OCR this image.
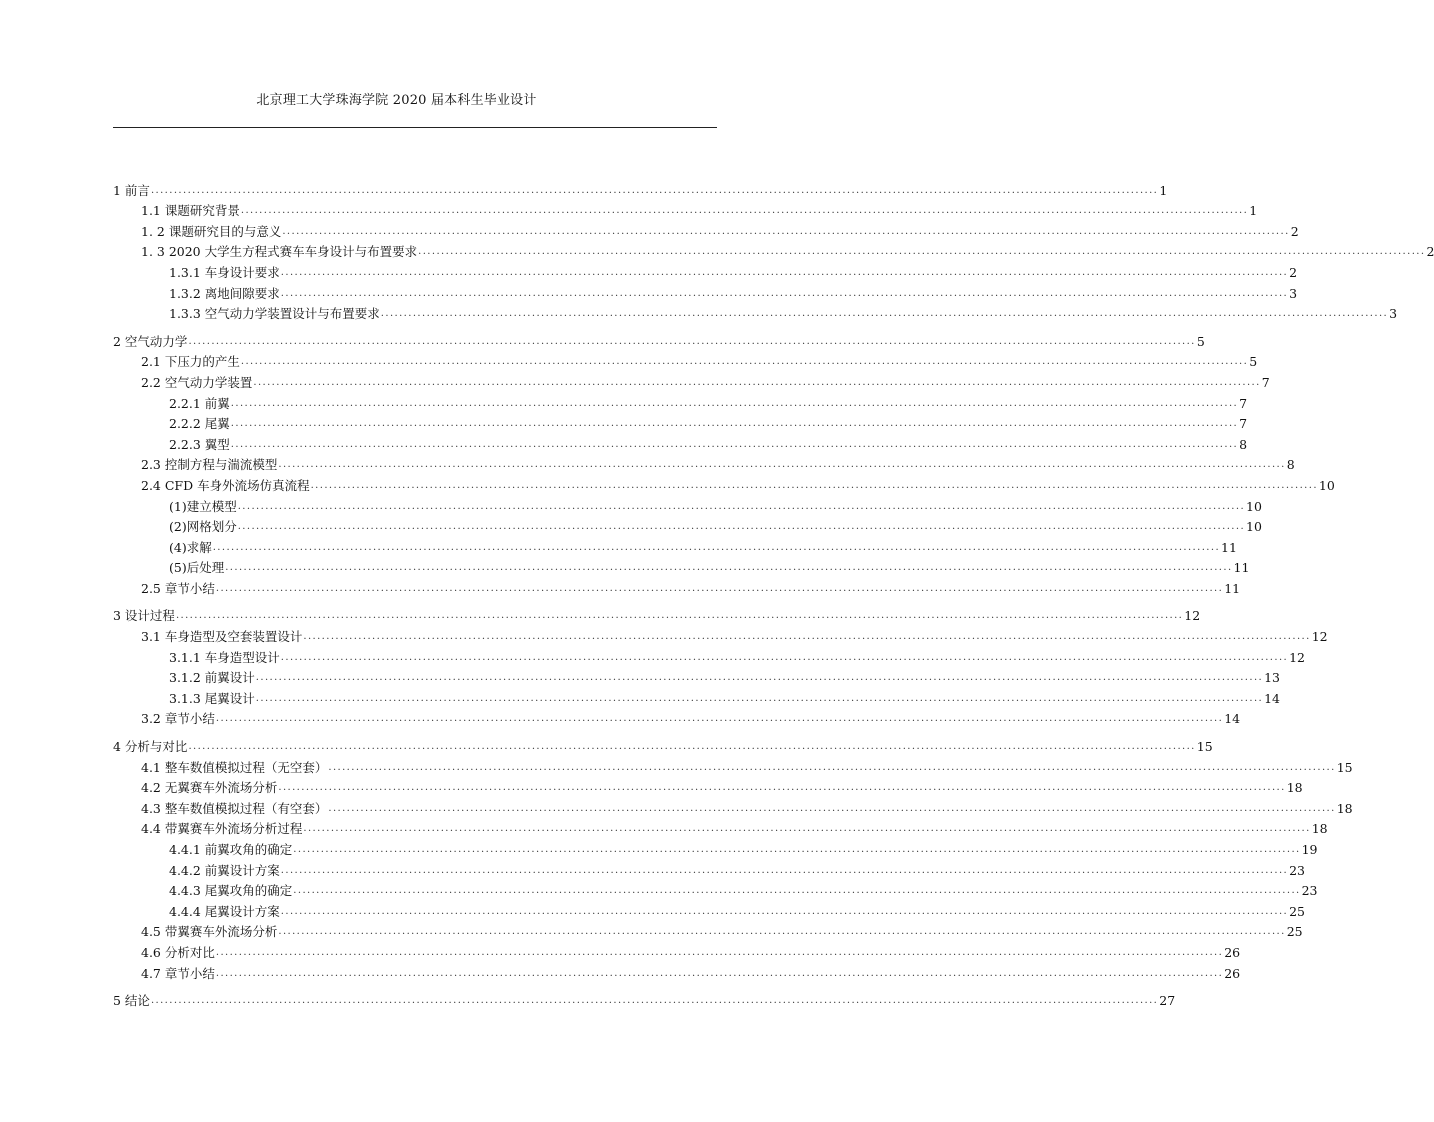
北京理工大学珠海学院 2020 届本科生毕业设计
1 前言 ............................................................................................................................................................................................................................ 1
1.1 课题研究背景 ............................................................................................................................................................................................................................ 1
1. 2 课题研究目的与意义 ............................................................................................................................................................................................................................ 2
1. 3 2020 大学生方程式赛车车身设计与布置要求 ............................................................................................................................................................................................................................ 2
1.3.1 车身设计要求 ............................................................................................................................................................................................................................ 2
1.3.2 离地间隙要求 ............................................................................................................................................................................................................................ 3
1.3.3 空气动力学装置设计与布置要求 ............................................................................................................................................................................................................................ 3
2 空气动力学 ............................................................................................................................................................................................................................ 5
2.1 下压力的产生 ............................................................................................................................................................................................................................ 5
2.2 空气动力学装置 ............................................................................................................................................................................................................................ 7
2.2.1 前翼 ............................................................................................................................................................................................................................ 7
2.2.2 尾翼 ............................................................................................................................................................................................................................ 7
2.2.3 翼型 ............................................................................................................................................................................................................................ 8
2.3 控制方程与湍流模型 ............................................................................................................................................................................................................................ 8
2.4 CFD 车身外流场仿真流程 ............................................................................................................................................................................................................................ 10
(1)建立模型 ............................................................................................................................................................................................................................ 10
(2)网格划分 ............................................................................................................................................................................................................................ 10
(4)求解 ............................................................................................................................................................................................................................ 11
(5)后处理 ............................................................................................................................................................................................................................ 11
2.5 章节小结 ............................................................................................................................................................................................................................ 11
3 设计过程 ............................................................................................................................................................................................................................ 12
3.1 车身造型及空套装置设计 ............................................................................................................................................................................................................................ 12
3.1.1 车身造型设计 ............................................................................................................................................................................................................................ 12
3.1.2 前翼设计 ............................................................................................................................................................................................................................ 13
3.1.3 尾翼设计 ............................................................................................................................................................................................................................ 14
3.2 章节小结 ............................................................................................................................................................................................................................ 14
4 分析与对比 ............................................................................................................................................................................................................................ 15
4.1 整车数值模拟过程（无空套） ............................................................................................................................................................................................................................ 15
4.2 无翼赛车外流场分析 ............................................................................................................................................................................................................................ 18
4.3 整车数值模拟过程（有空套） ............................................................................................................................................................................................................................ 18
4.4 带翼赛车外流场分析过程 ............................................................................................................................................................................................................................ 18
4.4.1 前翼攻角的确定 ............................................................................................................................................................................................................................ 19
4.4.2 前翼设计方案 ............................................................................................................................................................................................................................ 23
4.4.3 尾翼攻角的确定 ............................................................................................................................................................................................................................ 23
4.4.4 尾翼设计方案 ............................................................................................................................................................................................................................ 25
4.5 带翼赛车外流场分析 ............................................................................................................................................................................................................................ 25
4.6 分析对比 ............................................................................................................................................................................................................................ 26
4.7 章节小结 ............................................................................................................................................................................................................................ 26
5 结论 ............................................................................................................................................................................................................................ 27
